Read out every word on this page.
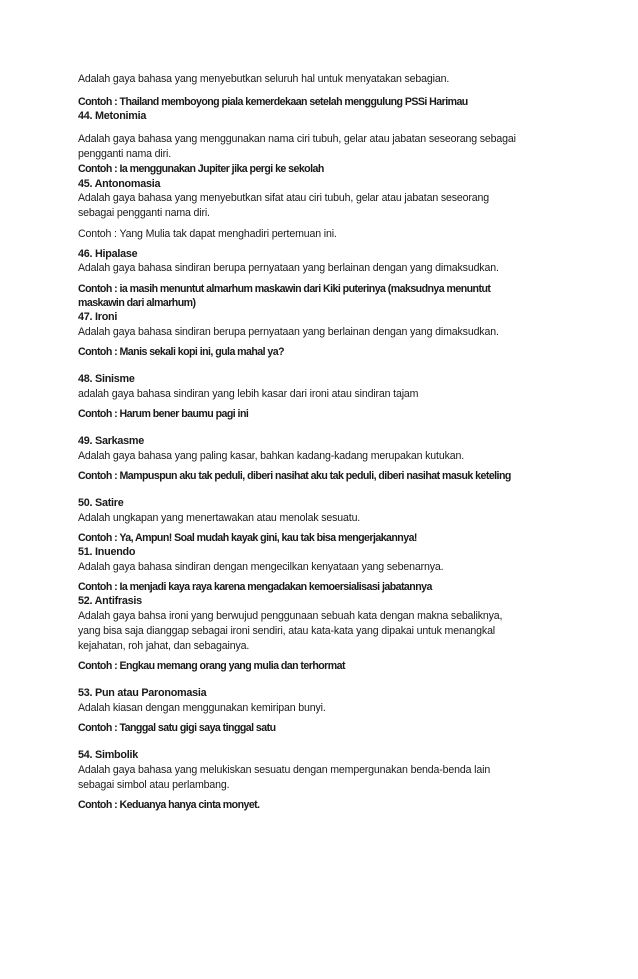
Adalah gaya bahasa yang menyebutkan seluruh hal untuk menyatakan sebagian.
Contoh : Thailand memboyong piala kemerdekaan setelah menggulung PSSi Harimau
44. Metonimia
Adalah gaya bahasa yang menggunakan nama ciri tubuh, gelar atau jabatan seseorang sebagai
pengganti nama diri.
Contoh : Ia menggunakan Jupiter jika pergi ke sekolah
45. Antonomasia
Adalah gaya bahasa yang menyebutkan sifat atau ciri tubuh, gelar atau jabatan seseorang
sebagai pengganti nama diri.
Contoh : Yang Mulia tak dapat menghadiri pertemuan ini.
46. Hipalase
Adalah gaya bahasa sindiran berupa pernyataan yang berlainan dengan yang dimaksudkan.
Contoh : ia masih menuntut almarhum maskawin dari Kiki puterinya (maksudnya menuntut
maskawin dari almarhum)
47. Ironi
Adalah gaya bahasa sindiran berupa pernyataan yang berlainan dengan yang dimaksudkan.
Contoh : Manis sekali kopi ini, gula mahal ya?
48. Sinisme
adalah gaya bahasa sindiran yang lebih kasar dari ironi atau sindiran tajam
Contoh : Harum bener baumu pagi ini
49. Sarkasme
Adalah gaya bahasa yang paling kasar, bahkan kadang-kadang merupakan kutukan.
Contoh : Mampuspun aku tak peduli, diberi nasihat aku tak peduli, diberi nasihat masuk keteling
50. Satire
Adalah ungkapan yang menertawakan atau menolak sesuatu.
Contoh : Ya, Ampun! Soal mudah kayak gini, kau tak bisa mengerjakannya!
51. Inuendo
Adalah gaya bahasa sindiran dengan mengecilkan kenyataan yang sebenarnya.
Contoh : Ia menjadi kaya raya karena mengadakan kemoersialisasi jabatannya
52. Antifrasis
Adalah gaya bahsa ironi yang berwujud penggunaan sebuah kata dengan makna sebaliknya,
yang bisa saja dianggap sebagai ironi sendiri, atau kata-kata yang dipakai untuk menangkal
kejahatan, roh jahat, dan sebagainya.
Contoh : Engkau memang orang yang mulia dan terhormat
53. Pun atau Paronomasia
Adalah kiasan dengan menggunakan kemiripan bunyi.
Contoh : Tanggal satu gigi saya tinggal satu
54. Simbolik
Adalah gaya bahasa yang melukiskan sesuatu dengan mempergunakan benda-benda lain
sebagai simbol atau perlambang.
Contoh : Keduanya hanya cinta monyet.
